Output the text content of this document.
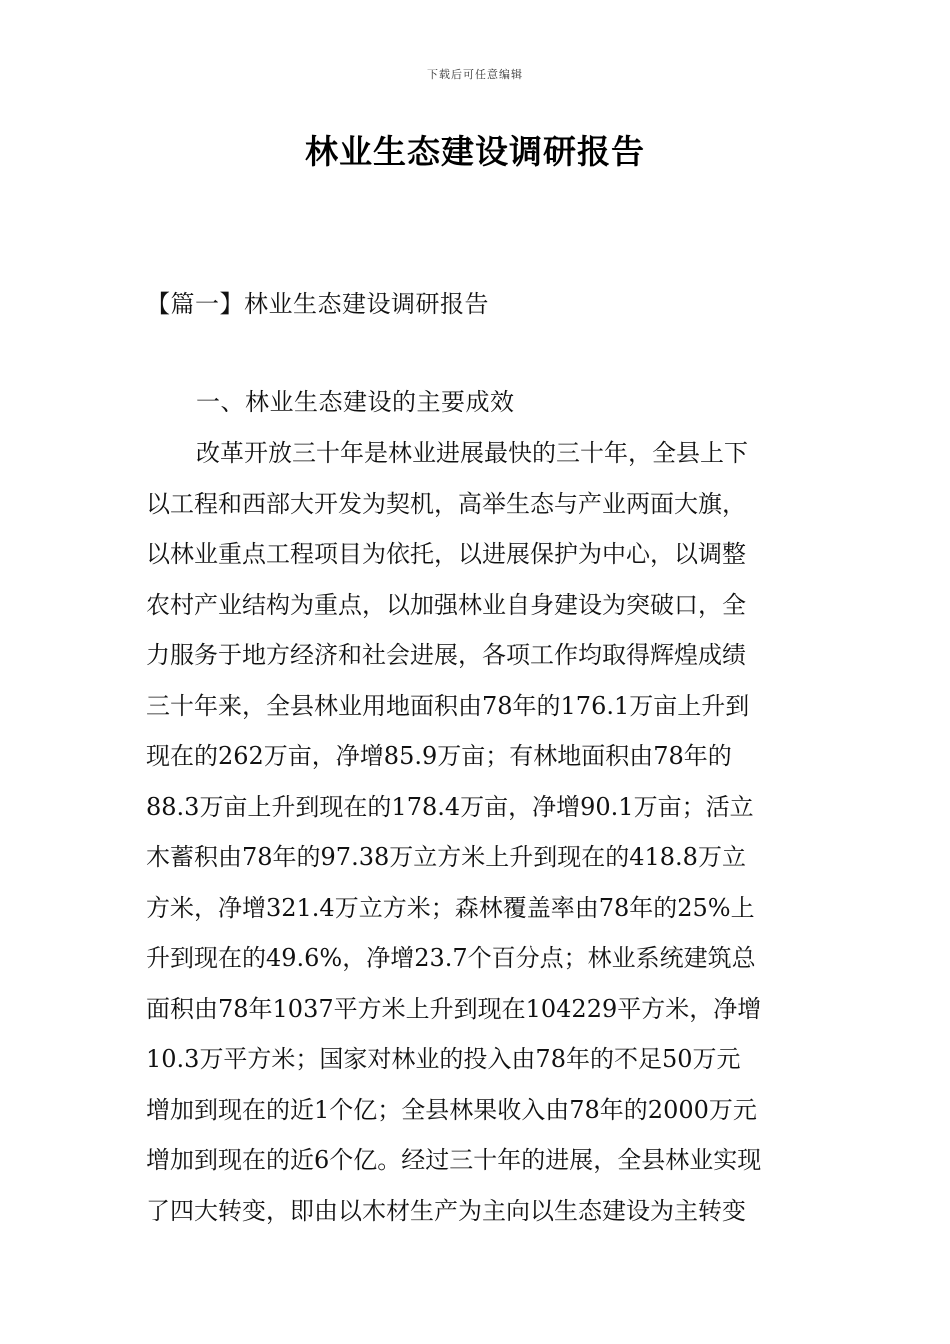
下载后可任意编辑
林业生态建设调研报告
【篇一】林业生态建设调研报告
一、林业生态建设的主要成效
改革开放三十年是林业进展最快的三十年，全县上下
以工程和西部大开发为契机，高举生态与产业两面大旗，
以林业重点工程项目为依托，以进展保护为中心，以调整
农村产业结构为重点，以加强林业自身建设为突破口，全
力服务于地方经济和社会进展，各项工作均取得辉煌成绩
三十年来，全县林业用地面积由78年的176.1万亩上升到
现在的262万亩，净增85.9万亩；有林地面积由78年的
88.3万亩上升到现在的178.4万亩，净增90.1万亩；活立
木蓄积由78年的97.38万立方米上升到现在的418.8万立
方米，净增321.4万立方米；森林覆盖率由78年的25%上
升到现在的49.6%，净增23.7个百分点；林业系统建筑总
面积由78年1037平方米上升到现在104229平方米，净增
10.3万平方米；国家对林业的投入由78年的不足50万元
增加到现在的近1个亿；全县林果收入由78年的2000万元
增加到现在的近6个亿。经过三十年的进展，全县林业实现
了四大转变，即由以木材生产为主向以生态建设为主转变
